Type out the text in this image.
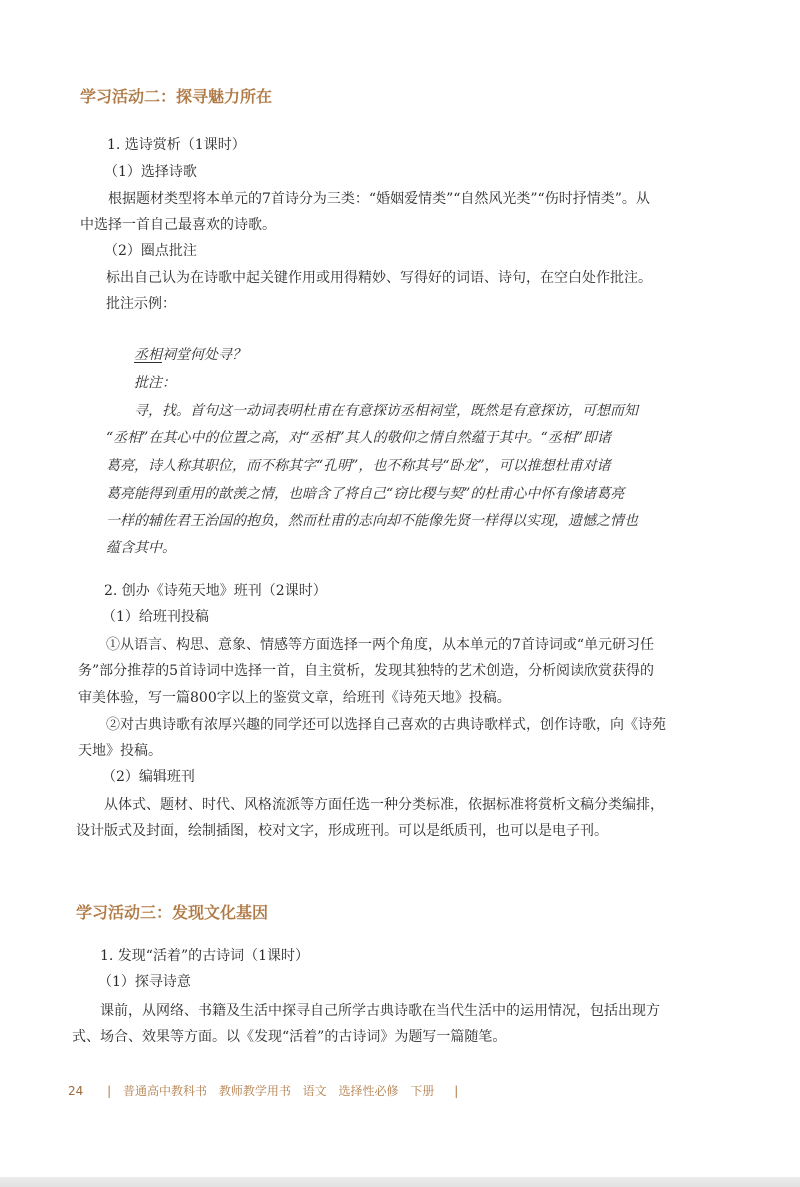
学习活动二：探寻魅力所在
1. 选诗赏析（1课时）
（1）选择诗歌
根据题材类型将本单元的7首诗分为三类：“婚姻爱情类”“自然风光类”“伤时抒情类”。从
中选择一首自己最喜欢的诗歌。
（2）圈点批注
标出自己认为在诗歌中起关键作用或用得精妙、写得好的词语、诗句，在空白处作批注。
批注示例：
丞相祠堂何处寻？
批注：
寻，找。首句这一动词表明杜甫在有意探访丞相祠堂，既然是有意探访，可想而知
“丞相”在其心中的位置之高，对“丞相”其人的敬仰之情自然蕴于其中。“丞相”即诸
葛亮，诗人称其职位，而不称其字“孔明”，也不称其号“卧龙”，可以推想杜甫对诸
葛亮能得到重用的歆羡之情，也暗含了将自己“窃比稷与契”的杜甫心中怀有像诸葛亮
一样的辅佐君王治国的抱负，然而杜甫的志向却不能像先贤一样得以实现，遗憾之情也
蕴含其中。
2. 创办《诗苑天地》班刊（2课时）
（1）给班刊投稿
①从语言、构思、意象、情感等方面选择一两个角度，从本单元的7首诗词或“单元研习任
务”部分推荐的5首诗词中选择一首，自主赏析，发现其独特的艺术创造，分析阅读欣赏获得的
审美体验，写一篇800字以上的鉴赏文章，给班刊《诗苑天地》投稿。
②对古典诗歌有浓厚兴趣的同学还可以选择自己喜欢的古典诗歌样式，创作诗歌，向《诗苑
天地》投稿。
（2）编辑班刊
从体式、题材、时代、风格流派等方面任选一种分类标准，依据标准将赏析文稿分类编排，
设计版式及封面，绘制插图，校对文字，形成班刊。可以是纸质刊，也可以是电子刊。
学习活动三：发现文化基因
1. 发现“活着”的古诗词（1课时）
（1）探寻诗意
课前，从网络、书籍及生活中探寻自己所学古典诗歌在当代生活中的运用情况，包括出现方
式、场合、效果等方面。以《发现“活着”的古诗词》为题写一篇随笔。
24 | 普通高中教科书 教师教学用书 语文 选择性必修 下册 |
